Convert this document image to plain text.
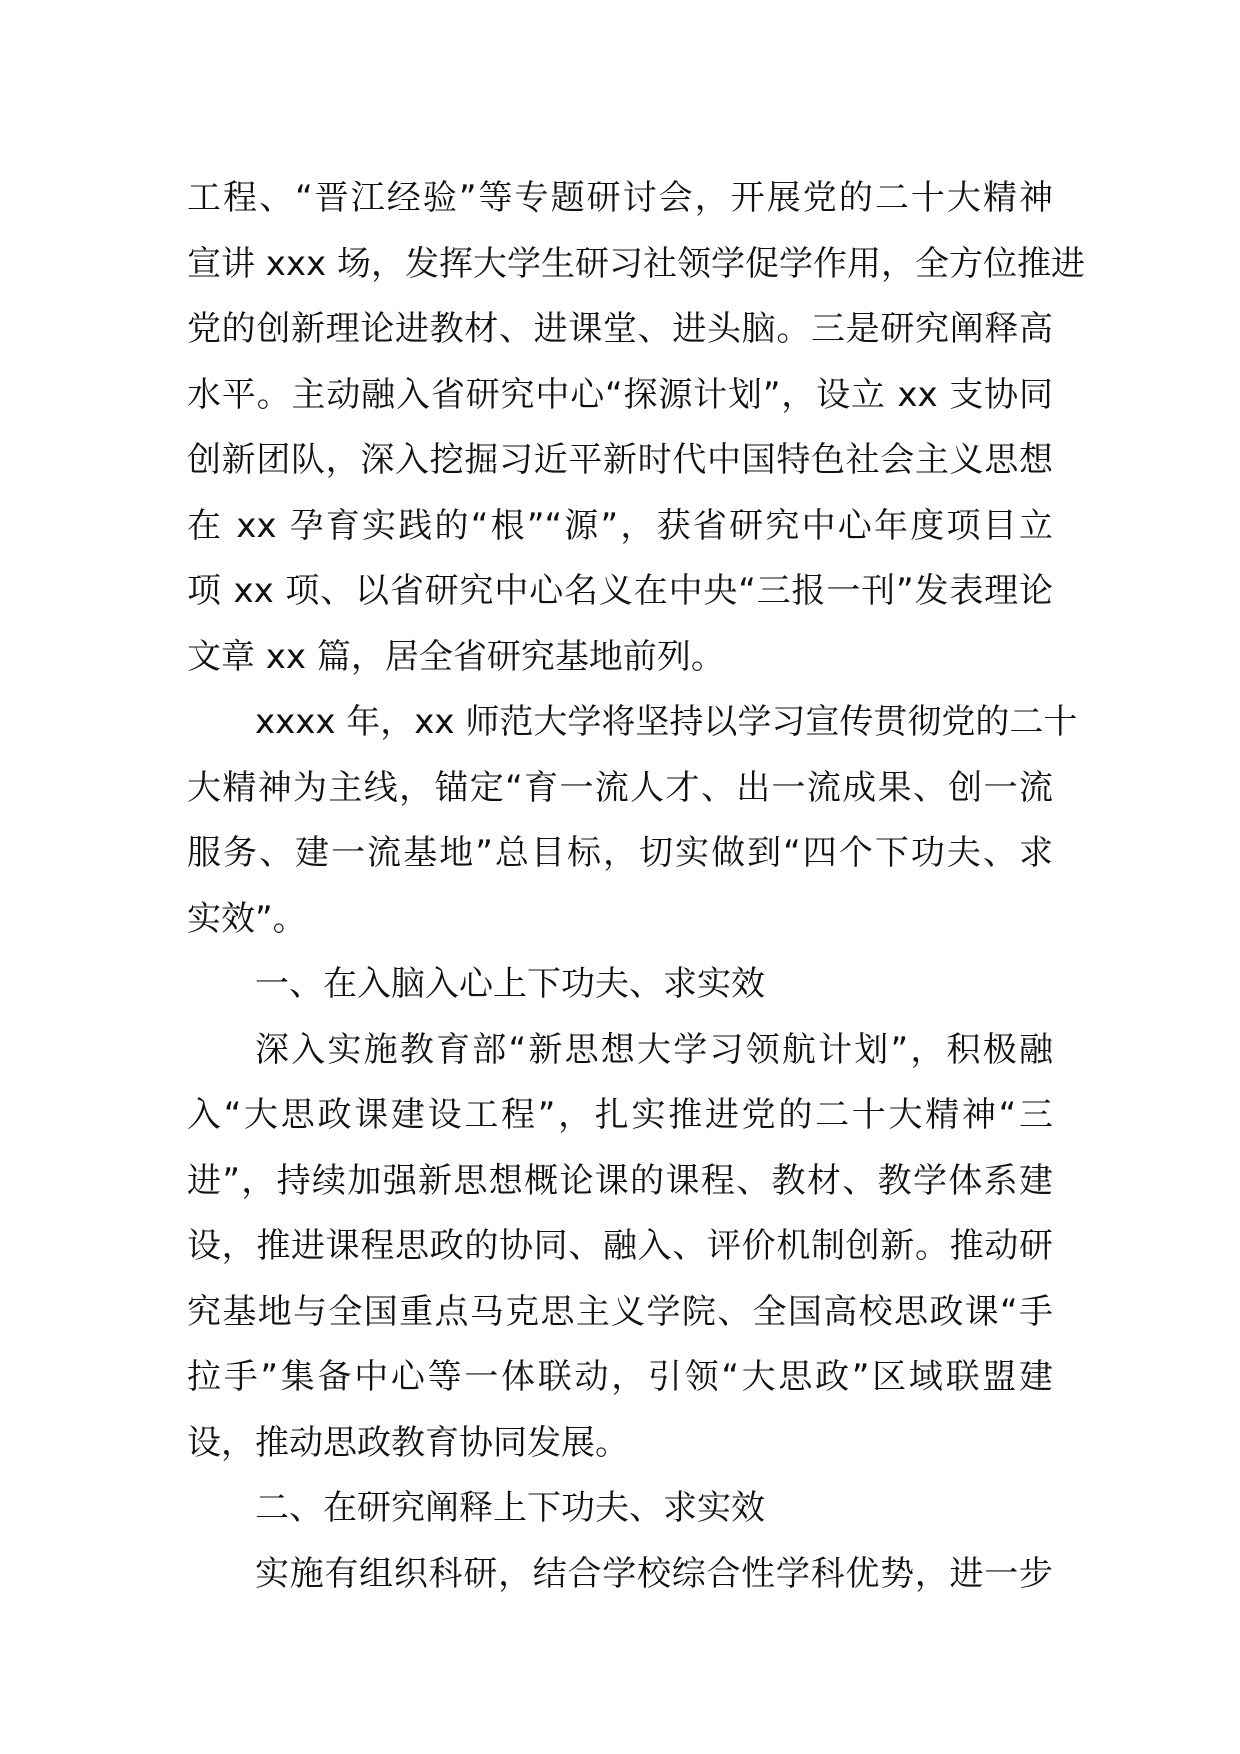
工程、“晋江经验”等专题研讨会，开展党的二十大精神
宣讲 xxx 场，发挥大学生研习社领学促学作用，全方位推进
党的创新理论进教材、进课堂、进头脑。三是研究阐释高
水平。主动融入省研究中心“探源计划”，设立 xx 支协同
创新团队，深入挖掘习近平新时代中国特色社会主义思想
在 xx 孕育实践的“根”“源”，获省研究中心年度项目立
项 xx 项、以省研究中心名义在中央“三报一刊”发表理论
文章 xx 篇，居全省研究基地前列。
xxxx 年，xx 师范大学将坚持以学习宣传贯彻党的二十
大精神为主线，锚定“育一流人才、出一流成果、创一流
服务、建一流基地”总目标，切实做到“四个下功夫、求
实效”。
一、在入脑入心上下功夫、求实效
深入实施教育部“新思想大学习领航计划”，积极融
入“大思政课建设工程”，扎实推进党的二十大精神“三
进”，持续加强新思想概论课的课程、教材、教学体系建
设，推进课程思政的协同、融入、评价机制创新。推动研
究基地与全国重点马克思主义学院、全国高校思政课“手
拉手”集备中心等一体联动，引领“大思政”区域联盟建
设，推动思政教育协同发展。
二、在研究阐释上下功夫、求实效
实施有组织科研，结合学校综合性学科优势，进一步
